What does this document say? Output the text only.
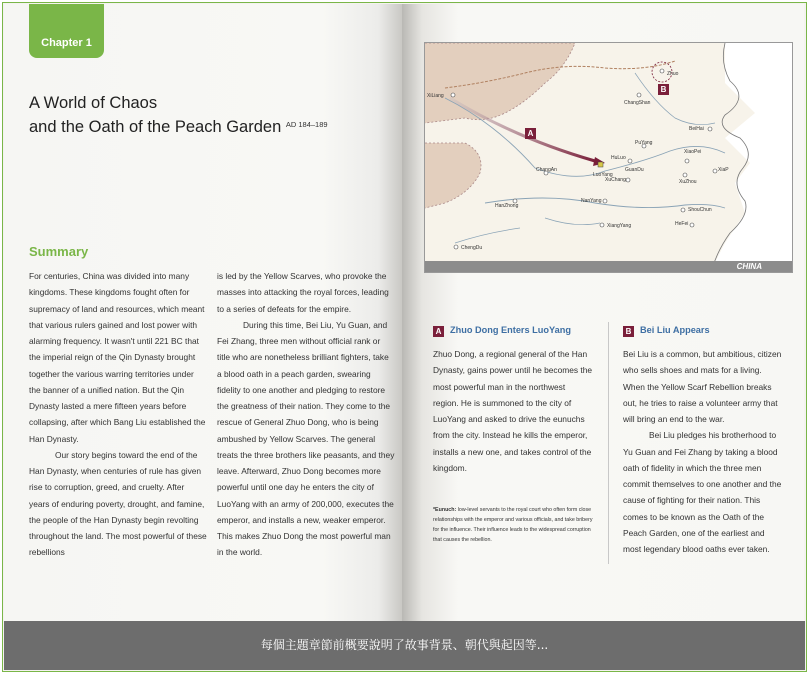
Chapter 1
A World of Chaos
and the Oath of the Peach Garden $^{AD 184-189}$
Summary

For centuries, China was divided into many kingdoms. These kingdoms fought often for supremacy of land and resources, which meant that various rulers gained and lost power with alarming frequency. It wasn't until 221 BC that the imperial reign of the Qin Dynasty brought together the various warring territories under the banner of a unified nation. But the Qin Dynasty lasted a mere fifteen years before collapsing, after which Bang Liu established the Han Dynasty.

Our story begins toward the end of the Han Dynasty, when centuries of rule has given rise to corruption, greed, and cruelty. After years of enduring poverty, drought, and famine, the people of the Han Dynasty begin revolting throughout the land. The most powerful of these rebellions

is led by the Yellow Scarves, who provoke the masses into attacking the royal forces, leading to a series of defeats for the empire.

During this time, Bei Liu, Yu Guan, and Fei Zhang, three men without official rank or title who are nonetheless brilliant fighters, take a blood oath in a peach garden, swearing fidelity to one another and pledging to restore the greatness of their nation. They come to the rescue of General Zhuo Dong, who is being ambushed by Yellow Scarves. The general treats the three brothers like peasants, and they leave. Afterward, Zhuo Dong becomes more powerful until one day he enters the city of LuoYang with an army of 200,000, executes the emperor, and installs a new, weaker emperor. This makes Zhuo Dong the most powerful man in the world.

A
B
XiLiang
Zhuo
ChangShan
BeiHai
PuYang
HuLuo
LuoYang
GuanDu
XiaoPei
XiaP
ChangAn
XuChang	XuZhou
HanZhong
NanYang
ShouChun
HeFei
XiangYang
ChengDu
CHINA
A Zhuo Dong Enters LuoYang

Zhuo Dong, a regional general of the Han Dynasty, gains power until he becomes the most powerful man in the northwest region. He is summoned to the city of LuoYang and asked to drive the eunuchs from the city. Instead he kills the emperor, installs a new one, and takes control of the kingdom.

*Eunuch: low-level servants to the royal court who often form close relationships with the emperor and various officials, and take bribery for the influence. Their influence leads to the widespread corruption that causes the rebellion.
B Bei Liu Appears

Bei Liu is a common, but ambitious, citizen who sells shoes and mats for a living. When the Yellow Scarf Rebellion breaks out, he tries to raise a volunteer army that will bring an end to the war.

Bei Liu pledges his brotherhood to Yu Guan and Fei Zhang by taking a blood oath of fidelity in which the three men commit themselves to one another and the cause of fighting for their nation. This comes to be known as the Oath of the Peach Garden, one of the earliest and most legendary blood oaths ever taken.

每個主題章節前概要說明了故事背景、朝代與起因等...
